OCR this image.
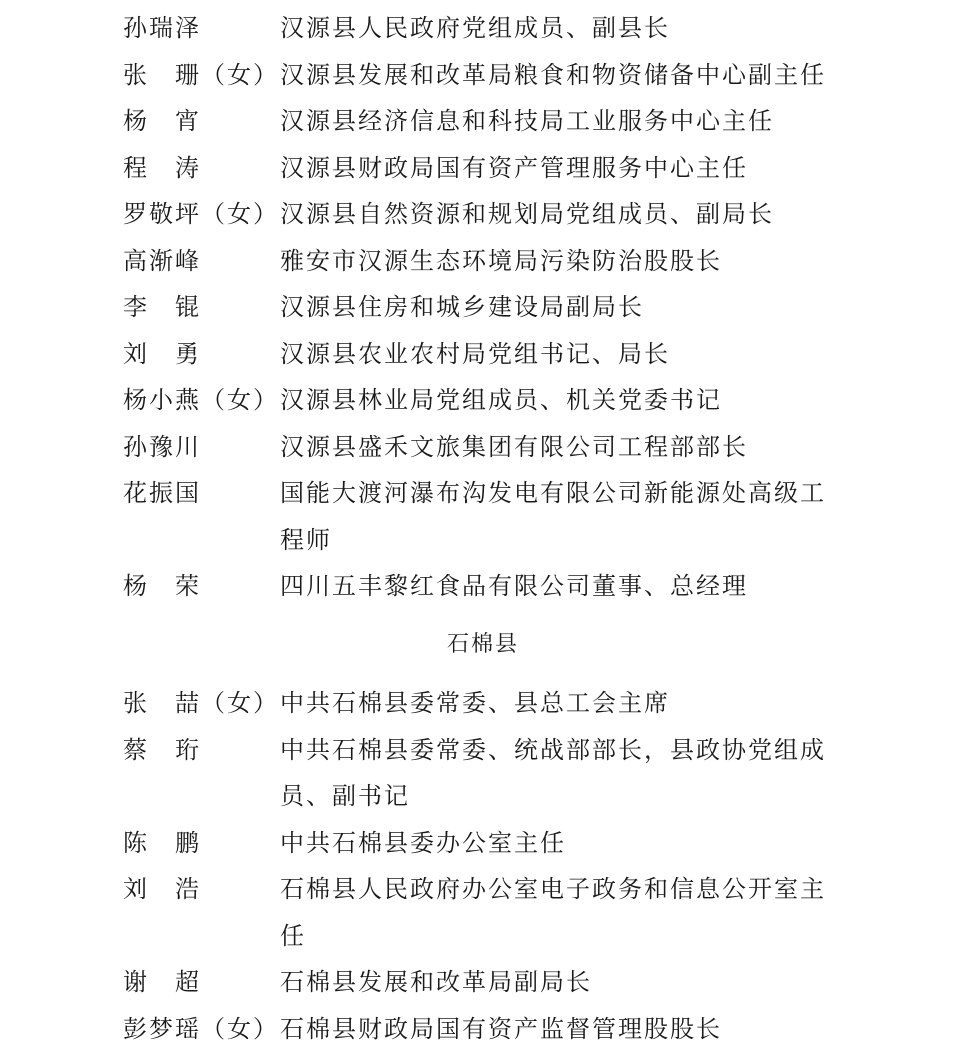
孙瑞泽	汉源县人民政府党组成员、副县长
张　珊（女） 汉源县发展和改革局粮食和物资储备中心副主任
杨　宵	汉源县经济信息和科技局工业服务中心主任
程　涛	汉源县财政局国有资产管理服务中心主任
罗敬坪（女） 汉源县自然资源和规划局党组成员、副局长
高渐峰	雅安市汉源生态环境局污染防治股股长
李　锟	汉源县住房和城乡建设局副局长
刘　勇	汉源县农业农村局党组书记、局长
杨小燕（女） 汉源县林业局党组成员、机关党委书记
孙豫川	汉源县盛禾文旅集团有限公司工程部部长
花振国	国能大渡河瀑布沟发电有限公司新能源处高级工程师
杨　荣	四川五丰黎红食品有限公司董事、总经理
石棉县
张　喆（女） 中共石棉县委常委、县总工会主席
蔡　珩	中共石棉县委常委、统战部部长，县政协党组成员、副书记
陈　鹏	中共石棉县委办公室主任
刘　浩	石棉县人民政府办公室电子政务和信息公开室主任
谢　超	石棉县发展和改革局副局长
彭梦瑶（女） 石棉县财政局国有资产监督管理股股长
